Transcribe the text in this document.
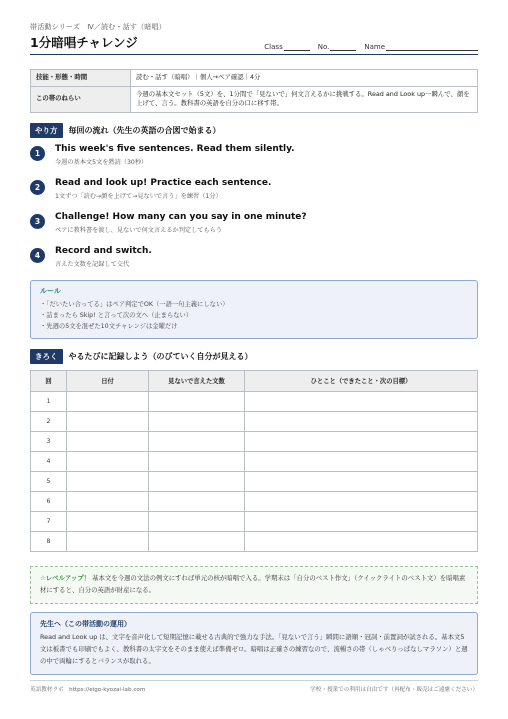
帯活動シリーズ　Ⅳ／読む・話す（暗唱）
1分暗唱チャレンジ	Class	No.	Name
技能・形態・時間	読む・話す（暗唱）｜個人→ペア確認｜4分
この帯のねらい	今週の基本文セット（5文）を、1分間で「見ないで」何文言えるかに挑戦する。Read and Look up一瞬んで、顔を上げて、言う。教科書の英語を自分の口に移す帯。
やり方	毎回の流れ（先生の英語の合図で始まる）
1	This week's five sentences. Read them silently.
今週の基本文5文を黙読（30秒）
2	Read and look up! Practice each sentence.
1文ずつ「読む→顔を上げて→見ないで言う」を練習（1分）
3	Challenge! How many can you say in one minute?
ペアに教科書を渡し、見ないで何文言えるか判定してもらう
4	Record and switch.
言えた文数を記録して交代
ルール
・「だいたい合ってる」はペア判定でOK（一語一句主義にしない）
・詰まったら Skip! と言って次の文へ（止まらない）
・先週の5文を混ぜた10文チャレンジは金曜だけ
きろく	やるたびに記録しよう（のびていく自分が見える）
回	日付	見ないで言えた文数	ひとこと（できたこと・次の目標）
1			
2			
3			
4			
5			
6			
7			
8			
☆レベルアップ！ 基本文を今週の文法の例文にすれば単元の核が暗唱で入る。学期末は「自分のベスト作文」（クイックライトのベスト文）を暗唱素材にすると、自分の英語が財産になる。
先生へ（この帯活動の運用）
Read and Look up は、文字を音声化して短期記憶に載せる古典的で強力な手法。「見ないで言う」瞬間に語順・冠詞・前置詞が試される。基本文5文は板書でも印刷でもよく、教科書の太字文をそのまま使えば準備ゼロ。暗唱は正確さの練習なので、流暢さの帯（しゃべりっぱなしマラソン）と週の中で両輪にするとバランスが取れる。
英語教材ラボ　https://eigo-kyozai-lab.com	学校・授業での利用は自由です（再配布・販売はご遠慮ください）
